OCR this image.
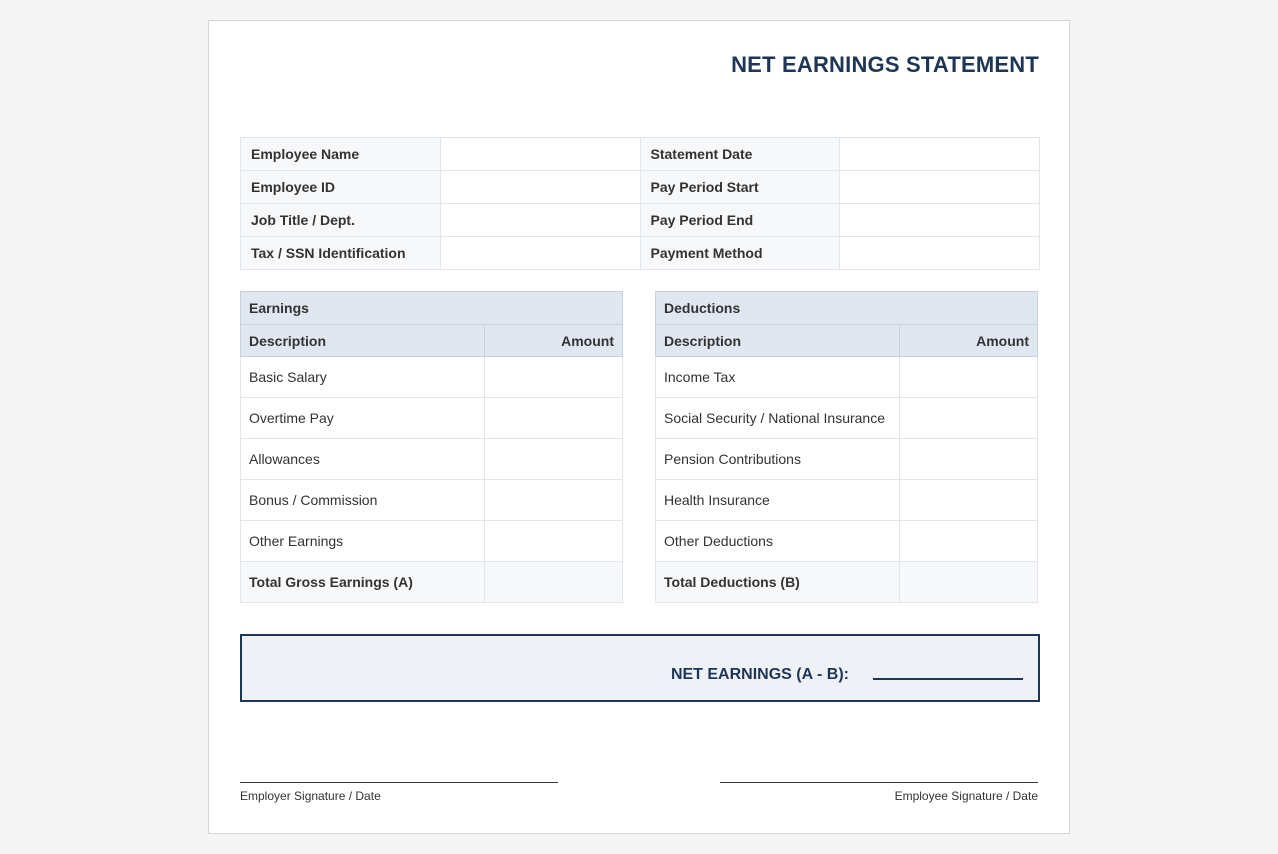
NET EARNINGS STATEMENT
Employee Name		Statement Date	
Employee ID		Pay Period Start	
Job Title / Dept.		Pay Period End	
Tax / SSN Identification		Payment Method	
Earnings	
Description	Amount
Basic Salary	
Overtime Pay	
Allowances	
Bonus / Commission	
Other Earnings	
Total Gross Earnings (A)	
Deductions	
Description	Amount
Income Tax	
Social Security / National Insurance	
Pension Contributions	
Health Insurance	
Other Deductions	
Total Deductions (B)	
NET EARNINGS (A - B):
Employer Signature / Date	Employee Signature / Date
